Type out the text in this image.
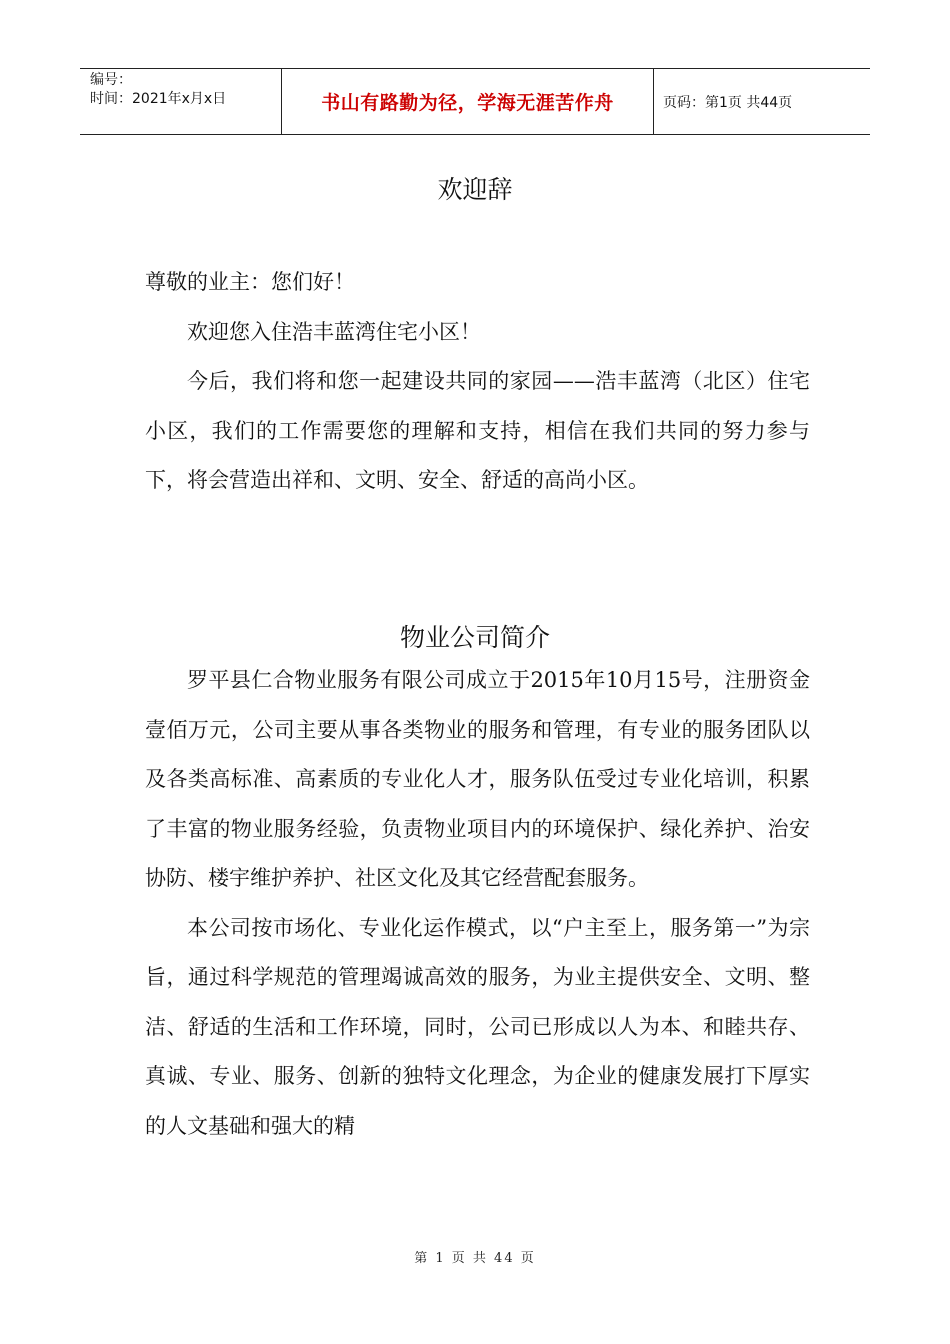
编号：
时间：2021年x月x日	书山有路勤为径，学海无涯苦作舟	页码：第1页 共44页
欢迎辞

尊敬的业主：您们好！

欢迎您入住浩丰蓝湾住宅小区！

今后，我们将和您一起建设共同的家园——浩丰蓝湾（北区）住宅小区，我们的工作需要您的理解和支持，相信在我们共同的努力参与下，将会营造出祥和、文明、安全、舒适的高尚小区。

物业公司简介

罗平县仁合物业服务有限公司成立于2015年10月15号，注册资金壹佰万元，公司主要从事各类物业的服务和管理，有专业的服务团队以及各类高标准、高素质的专业化人才，服务队伍受过专业化培训，积累了丰富的物业服务经验，负责物业项目内的环境保护、绿化养护、治安协防、楼宇维护养护、社区文化及其它经营配套服务。

本公司按市场化、专业化运作模式，以“户主至上，服务第一”为宗旨，通过科学规范的管理竭诚高效的服务，为业主提供安全、文明、整洁、舒适的生活和工作环境，同时，公司已形成以人为本、和睦共存、真诚、专业、服务、创新的独特文化理念，为企业的健康发展打下厚实的人文基础和强大的精

第 1 页 共 44 页
